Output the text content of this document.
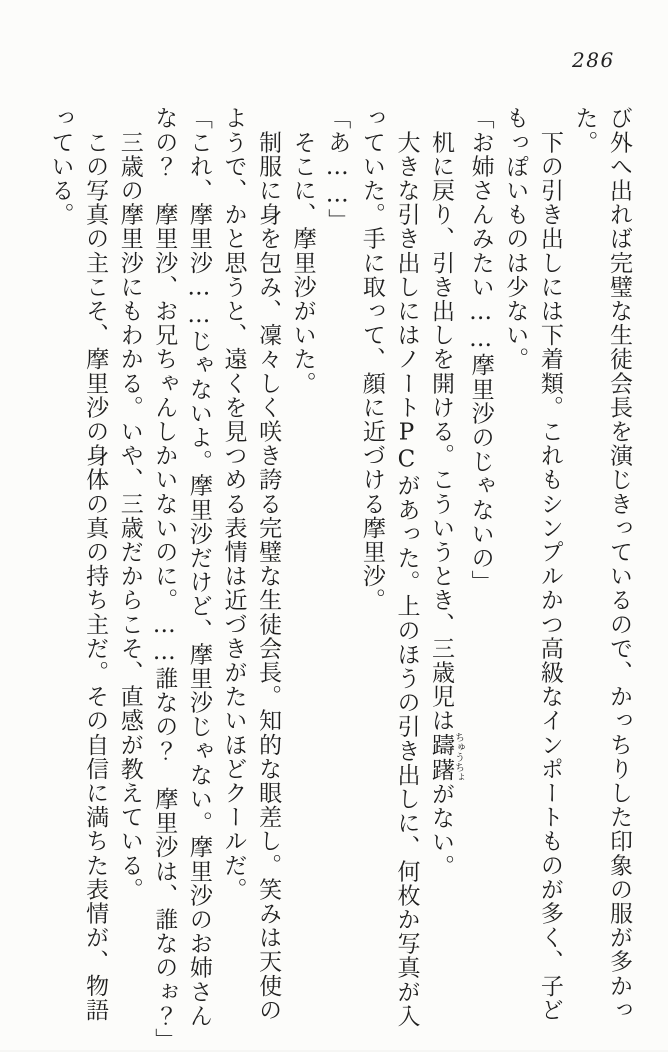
286

び外へ出れば完璧な生徒会長を演じきっているので、かっちりした印象の服が多かっ

た。

　下の引き出しには下着類。これもシンプルかつ高級なインポートものが多く、子ど

もっぽいものは少ない。

「お姉さんみたい……摩里沙のじゃないの」

　机に戻り、引き出しを開ける。こういうとき、三歳児は躊躇ちゅうちょがない。

　大きな引き出しにはノートPCがあった。上のほうの引き出しに、何枚か写真が入

っていた。手に取って、顔に近づける摩里沙。

「あ……」

　そこに、摩里沙がいた。

　制服に身を包み、凜々しく咲き誇る完璧な生徒会長。知的な眼差し。笑みは天使の

ようで、かと思うと、遠くを見つめる表情は近づきがたいほどクールだ。

「これ、摩里沙……じゃないよ。摩里沙だけど、摩里沙じゃない。摩里沙のお姉さん

なの？　摩里沙、お兄ちゃんしかいないのに。……誰なの？　摩里沙は、誰なのぉ？」

　三歳の摩里沙にもわかる。いや、三歳だからこそ、直感が教えている。

　この写真の主こそ、摩里沙の身体の真の持ち主だ。その自信に満ちた表情が、物語

っている。
